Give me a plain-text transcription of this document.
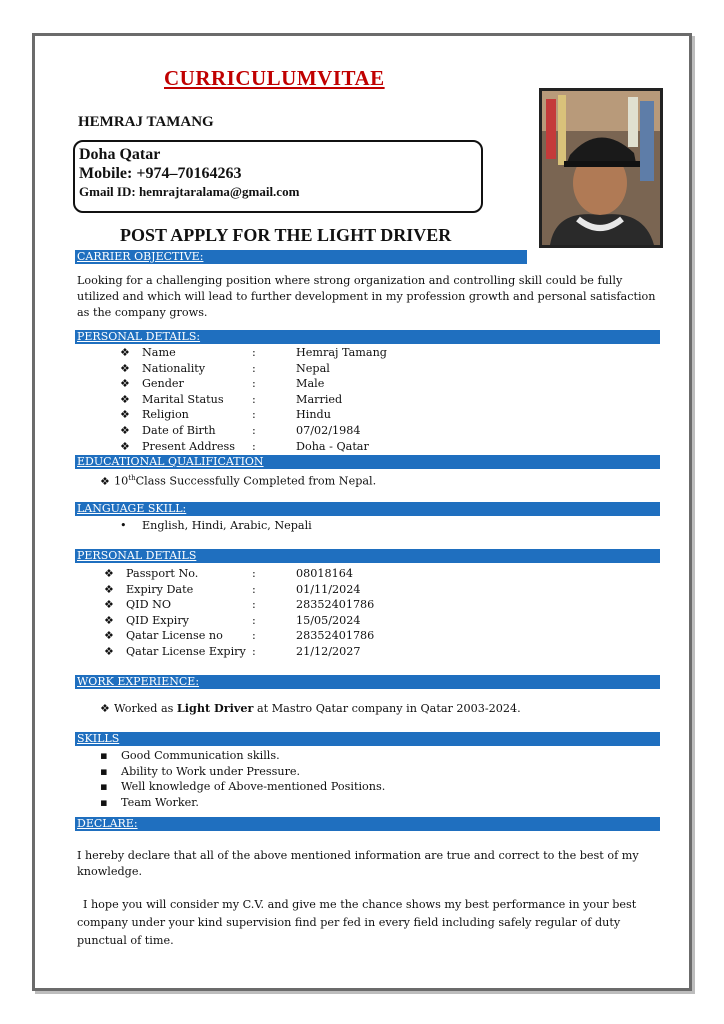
CURRICULUMVITAE
HEMRAJ TAMANG
Doha Qatar
Mobile: +974–70164263
Gmail ID: hemrajtaralama@gmail.com
POST APPLY FOR THE LIGHT DRIVER
CARRIER OBJECTIVE:
Looking for a challenging position where strong organization and controlling skill could be fully utilized and which will lead to further development in my profession growth and personal satisfaction as the company grows.
PERSONAL DETAILS:
❖ Name	:	Hemraj Tamang
❖ Nationality	:	Nepal
❖ Gender	:	Male
❖ Marital Status	:	Married
❖ Religion	:	Hindu
❖ Date of Birth	:	07/02/1984
❖ Present Address :	Doha - Qatar
EDUCATIONAL QUALIFICATION
❖ 10thClass Successfully Completed from Nepal.
LANGUAGE SKILL:
• English, Hindi, Arabic, Nepali
PERSONAL DETAILS
❖ Passport No.	:	08018164
❖ Expiry Date	:	01/11/2024
❖ QID NO	:	28352401786
❖ QID Expiry	:	15/05/2024
❖ Qatar License no	:	28352401786
❖ Qatar License Expiry :	21/12/2027
WORK EXPERIENCE:
❖ Worked as Light Driver at Mastro Qatar company in Qatar 2003-2024.
SKILLS
▪ Good Communication skills.
▪ Ability to Work under Pressure.
▪ Well knowledge of Above-mentioned Positions.
▪ Team Worker.
DECLARE:
I hereby declare that all of the above mentioned information are true and correct to the best of my knowledge.
I hope you will consider my C.V. and give me the chance shows my best performance in your best company under your kind supervision find per fed in every field including safely regular of duty punctual of time.
